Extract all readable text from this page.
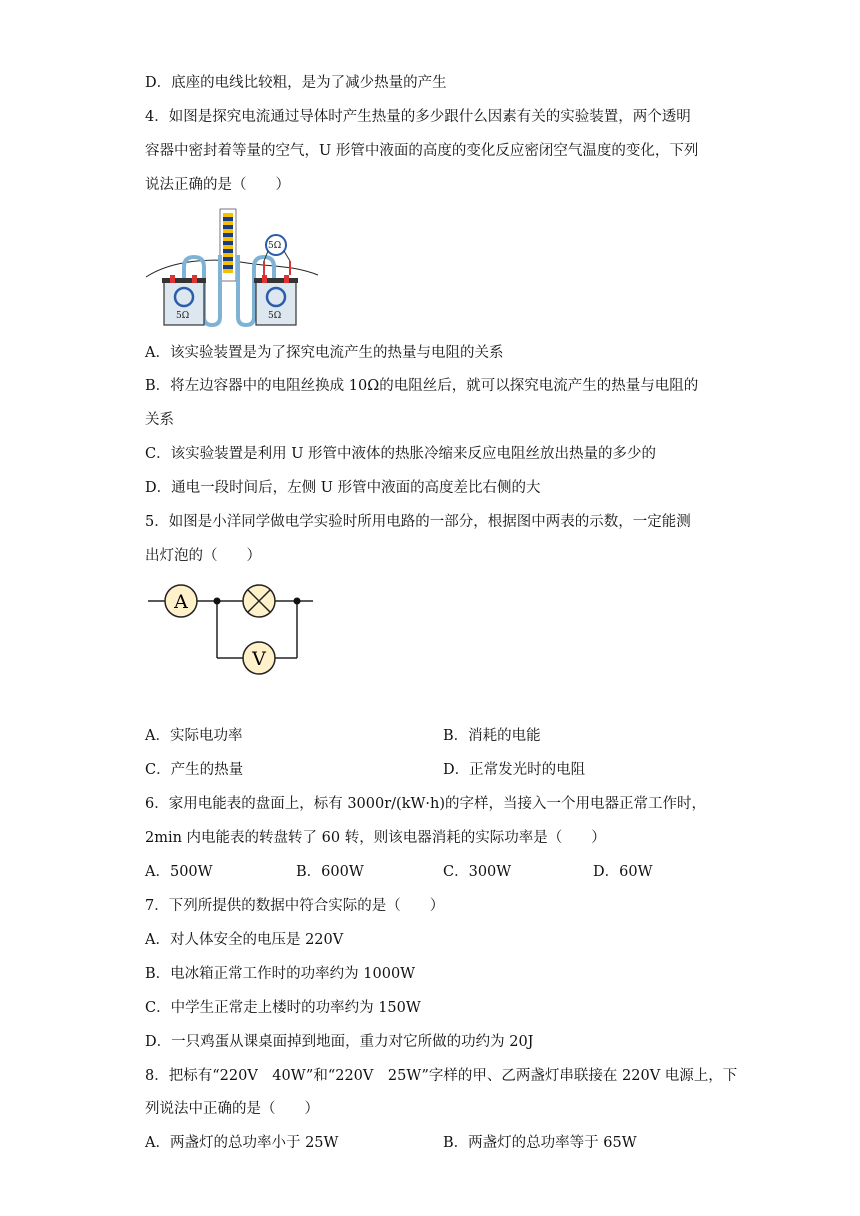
D．底座的电线比较粗，是为了减少热量的产生
4．如图是探究电流通过导体时产生热量的多少跟什么因素有关的实验装置，两个透明
容器中密封着等量的空气，U 形管中液面的高度的变化反应密闭空气温度的变化，下列
说法正确的是（　　）
5Ω	5Ω
5Ω
A．该实验装置是为了探究电流产生的热量与电阻的关系
B．将左边容器中的电阻丝换成 10Ω的电阻丝后，就可以探究电流产生的热量与电阻的
关系
C．该实验装置是利用 U 形管中液体的热胀冷缩来反应电阻丝放出热量的多少的
D．通电一段时间后，左侧 U 形管中液面的高度差比右侧的大
5．如图是小洋同学做电学实验时所用电路的一部分，根据图中两表的示数，一定能测
出灯泡的（　　）
A
V
A．实际电功率	B．消耗的电能
C．产生的热量	D．正常发光时的电阻
6．家用电能表的盘面上，标有 3000r/(kW·h)的字样，当接入一个用电器正常工作时，
2min 内电能表的转盘转了 60 转，则该电器消耗的实际功率是（　　）
A．500W	B．600W	C．300W	D．60W
7．下列所提供的数据中符合实际的是（　　）
A．对人体安全的电压是 220V
B．电冰箱正常工作时的功率约为 1000W
C．中学生正常走上楼时的功率约为 150W
D．一只鸡蛋从课桌面掉到地面，重力对它所做的功约为 20J
8．把标有“220V　40W”和“220V　25W”字样的甲、乙两盏灯串联接在 220V 电源上，下
列说法中正确的是（　　）
A．两盏灯的总功率小于 25W	B．两盏灯的总功率等于 65W
